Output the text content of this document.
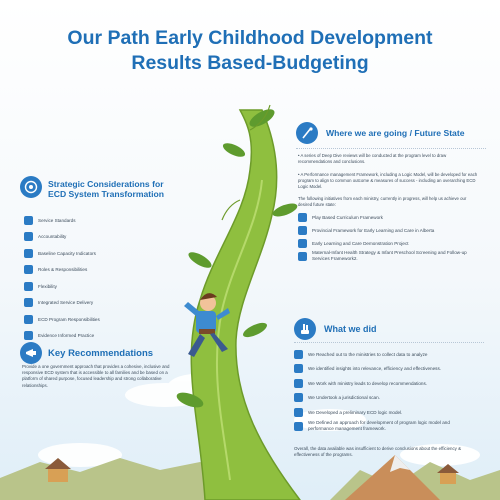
Our Path Early Childhood Development
Results Based-Budgeting
Strategic Considerations for
ECD System Transformation
Service Standards
Accountability
Baseline Capacity Indicators
Roles & Responsibilities
Flexibility
Integrated Service Delivery
ECD Program Responsibilities
Evidence Informed Practice
Key Recommendations

Provide a one government approach that provides a cohesive, inclusive and responsive ECD system that is accessible to all families and be based on a platform of shared purpose, focused leadership and strong collaborative relationships.

Where we are going / Future State
• A series of Deep Dive reviews will be conducted at the program level to draw recommendations and conclusions.
• A Performance management Framework, including a Logic Model, will be developed for each program to align to common outcome & measures of success - including an overarching ECD Logic Model.
The following initiatives from each ministry, currently in progress, will help us achieve our desired future state:
Play Based Curriculum Framework
Provincial Framework for Early Learning and Care in Alberta
Early Learning and Care Demonstration Project
Maternal-Infant Health Strategy & Infant Preschool Screening and Follow-up Services Framework2.
What we did
We Reached out to the ministries to collect data to analyze
We identified insights into relevance, efficiency and effectiveness.
We Work with ministry leads to develop recommendations.
We Undertook a jurisdictional scan.
We Developed a preliminary ECD logic model.
We Defined an approach for development of program logic model and performance management framework.

Overall, the data available was insufficient to derive conclusions about the efficiency & effectiveness of the programs.
